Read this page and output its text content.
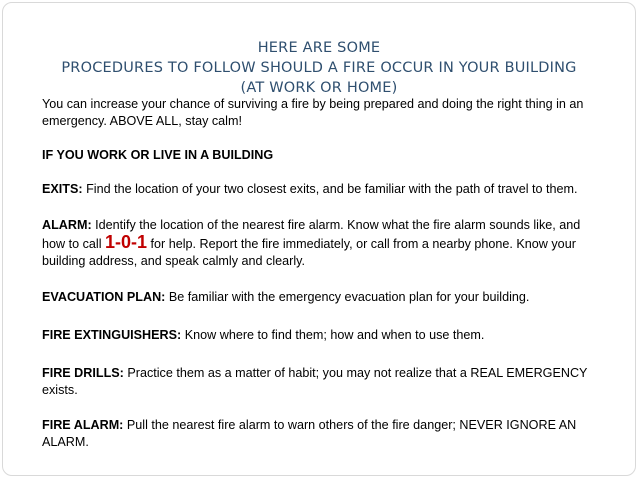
HERE ARE SOME
PROCEDURES TO FOLLOW SHOULD A FIRE OCCUR IN YOUR BUILDING
(AT WORK OR HOME)

You can increase your chance of surviving a fire by being prepared and doing the right thing in an emergency. ABOVE ALL, stay calm!

IF YOU WORK OR LIVE IN A BUILDING

EXITS: Find the location of your two closest exits, and be familiar with the path of travel to them.

ALARM: Identify the location of the nearest fire alarm. Know what the fire alarm sounds like, and how to call 1-0-1 for help. Report the fire immediately, or call from a nearby phone. Know your building address, and speak calmly and clearly.

EVACUATION PLAN: Be familiar with the emergency evacuation plan for your building.

FIRE EXTINGUISHERS: Know where to find them; how and when to use them.

FIRE DRILLS: Practice them as a matter of habit; you may not realize that a REAL EMERGENCY exists.

FIRE ALARM: Pull the nearest fire alarm to warn others of the fire danger; NEVER IGNORE AN ALARM.
